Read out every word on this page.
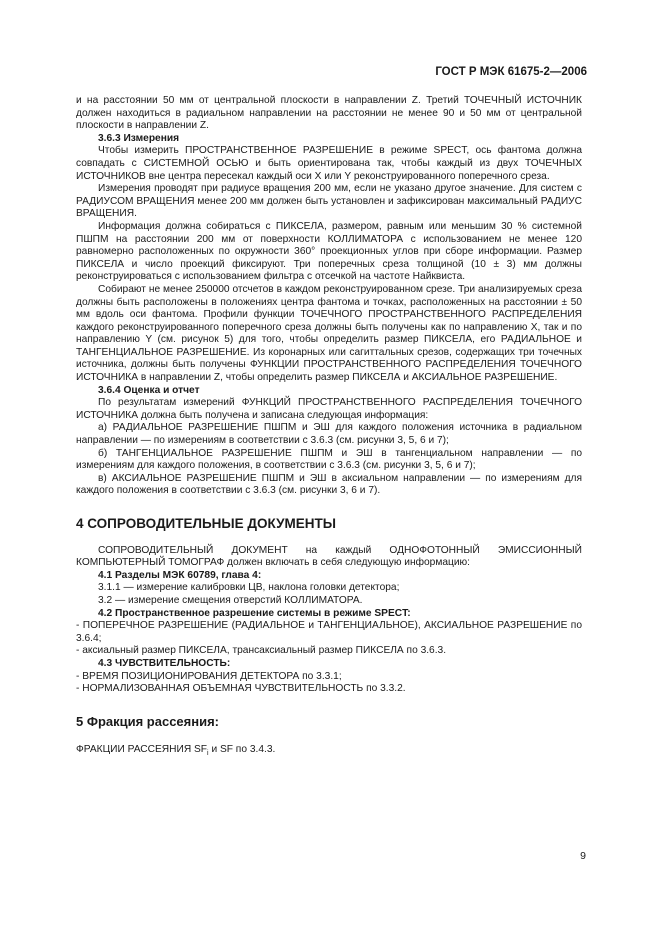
ГОСТ Р МЭК 61675-2—2006

и на расстоянии 50 мм от центральной плоскости в направлении Z. Третий ТОЧЕЧНЫЙ ИСТОЧНИК должен находиться в радиальном направлении на расстоянии не менее 90 и 50 мм от центральной плоскости в направлении Z.

3.6.3 Измерения

Чтобы измерить ПРОСТРАНСТВЕННОЕ РАЗРЕШЕНИЕ в режиме SPECT, ось фантома должна совпадать с СИСТЕМНОЙ ОСЬЮ и быть ориентирована так, чтобы каждый из двух ТОЧЕЧНЫХ ИСТОЧНИКОВ вне центра пересекал каждый оси X или Y реконструированного поперечного среза.

Измерения проводят при радиусе вращения 200 мм, если не указано другое значение. Для систем с РАДИУСОМ ВРАЩЕНИЯ менее 200 мм должен быть установлен и зафиксирован максимальный РАДИУС ВРАЩЕНИЯ.

Информация должна собираться с ПИКСЕЛА, размером, равным или меньшим 30 % системной ПШПМ на расстоянии 200 мм от поверхности КОЛЛИМАТОРА с использованием не менее 120 равномерно расположенных по окружности 360° проекционных углов при сборе информации. Размер ПИКСЕЛА и число проекций фиксируют. Три поперечных среза толщиной (10 ± 3) мм должны реконструироваться с использованием фильтра с отсечкой на частоте Найквиста.

Собирают не менее 250000 отсчетов в каждом реконструированном срезе. Три анализируемых среза должны быть расположены в положениях центра фантома и точках, расположенных на расстоянии ± 50 мм вдоль оси фантома. Профили функции ТОЧЕЧНОГО ПРОСТРАНСТВЕННОГО РАСПРЕДЕЛЕНИЯ каждого реконструированного поперечного среза должны быть получены как по направлению X, так и по направлению Y (см. рисунок 5) для того, чтобы определить размер ПИКСЕЛА, его РАДИАЛЬНОЕ и ТАНГЕНЦИАЛЬНОЕ РАЗРЕШЕНИЕ. Из коронарных или сагиттальных срезов, содержащих три точечных источника, должны быть получены ФУНКЦИИ ПРОСТРАНСТВЕННОГО РАСПРЕДЕЛЕНИЯ ТОЧЕЧНОГО ИСТОЧНИКА в направлении Z, чтобы определить размер ПИКСЕЛА и АКСИАЛЬНОЕ РАЗРЕШЕНИЕ.

3.6.4 Оценка и отчет

По результатам измерений ФУНКЦИЙ ПРОСТРАНСТВЕННОГО РАСПРЕДЕЛЕНИЯ ТОЧЕЧНОГО ИСТОЧНИКА должна быть получена и записана следующая информация:

а) РАДИАЛЬНОЕ РАЗРЕШЕНИЕ ПШПМ и ЭШ для каждого положения источника в радиальном направлении — по измерениям в соответствии с 3.6.3 (см. рисунки 3, 5, 6 и 7);

б) ТАНГЕНЦИАЛЬНОЕ РАЗРЕШЕНИЕ ПШПМ и ЭШ в тангенциальном направлении — по измерениям для каждого положения, в соответствии с 3.6.3 (см. рисунки 3, 5, 6 и 7);

в) АКСИАЛЬНОЕ РАЗРЕШЕНИЕ ПШПМ и ЭШ в аксиальном направлении — по измерениям для каждого положения в соответствии с 3.6.3 (см. рисунки 3, 6 и 7).

4 СОПРОВОДИТЕЛЬНЫЕ ДОКУМЕНТЫ

СОПРОВОДИТЕЛЬНЫЙ ДОКУМЕНТ на каждый ОДНОФОТОННЫЙ ЭМИССИОННЫЙ КОМПЬЮТЕРНЫЙ ТОМОГРАФ должен включать в себя следующую информацию:

4.1 Разделы МЭК 60789, глава 4:

3.1.1 — измерение калибровки ЦВ, наклона головки детектора;

3.2 — измерение смещения отверстий КОЛЛИМАТОРА.

4.2 Пространственное разрешение системы в режиме SPECT:

- ПОПЕРЕЧНОЕ РАЗРЕШЕНИЕ (РАДИАЛЬНОЕ и ТАНГЕНЦИАЛЬНОЕ), АКСИАЛЬНОЕ РАЗРЕШЕНИЕ по 3.6.4;

- аксиальный размер ПИКСЕЛА, трансаксиальный размер ПИКСЕЛА по 3.6.3.

4.3 ЧУВСТВИТЕЛЬНОСТЬ:

- ВРЕМЯ ПОЗИЦИОНИРОВАНИЯ ДЕТЕКТОРА по 3.3.1;

- НОРМАЛИЗОВАННАЯ ОБЪЕМНАЯ ЧУВСТВИТЕЛЬНОСТЬ по 3.3.2.

5 Фракция рассеяния:

ФРАКЦИИ РАССЕЯНИЯ $SF_i$ и SF по 3.4.3.

9
